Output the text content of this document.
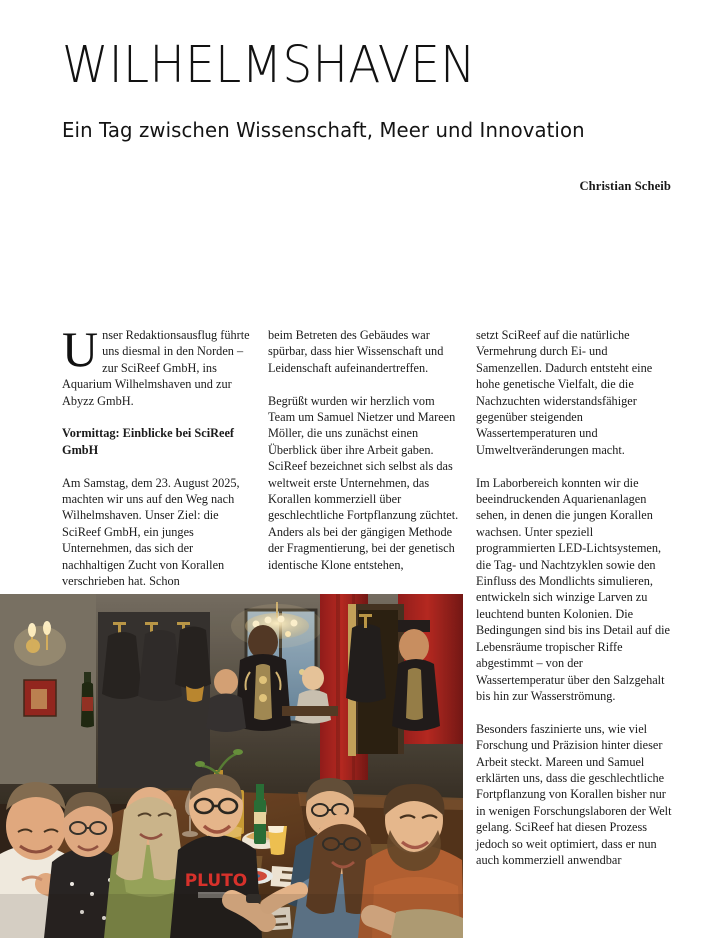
WILHELMSHAVEN
Ein Tag zwischen Wissenschaft, Meer und Innovation
Christian Scheib

Unser Redaktionsausflug führte uns diesmal in den Norden – zur SciReef GmbH, ins Aquarium Wilhelmshaven und zur Abyzz GmbH.

Vormittag: Einblicke bei SciReef GmbH

Am Samstag, dem 23. August 2025, machten wir uns auf den Weg nach Wilhelmshaven. Unser Ziel: die SciReef GmbH, ein junges Unternehmen, das sich der nachhaltigen Zucht von Korallen verschrieben hat. Schon

beim Betreten des Gebäudes war spürbar, dass hier Wissenschaft und Leidenschaft aufeinandertreffen.

Begrüßt wurden wir herzlich vom Team um Samuel Nietzer und Mareen Möller, die uns zunächst einen Überblick über ihre Arbeit gaben. SciReef bezeichnet sich selbst als das weltweit erste Unternehmen, das Korallen kommerziell über geschlechtliche Fortpflanzung züchtet. Anders als bei der gängigen Methode der Fragmentierung, bei der genetisch identische Klone entstehen,

setzt SciReef auf die natürliche Vermehrung durch Ei- und Samenzellen. Dadurch entsteht eine hohe genetische Vielfalt, die die Nachzuchten widerstandsfähiger gegenüber steigenden Wassertemperaturen und Umweltveränderungen macht.

Im Laborbereich konnten wir die beeindruckenden Aquarienanlagen sehen, in denen die jungen Korallen wachsen. Unter speziell programmierten LED-Lichtsystemen, die Tag- und Nachtzyklen sowie den Einfluss des Mondlichts simulieren, entwickeln sich winzige Larven zu leuchtend bunten Kolonien. Die Bedingungen sind bis ins Detail auf die Lebensräume tropischer Riffe abgestimmt – von der Wassertemperatur über den Salzgehalt bis hin zur Wasserströmung.

Besonders faszinierte uns, wie viel Forschung und Präzision hinter dieser Arbeit steckt. Mareen und Samuel erklärten uns, dass die geschlechtliche Fortpflanzung von Korallen bisher nur in wenigen Forschungslaboren der Welt gelang. SciReef hat diesen Prozess jedoch so weit optimiert, dass er nun auch kommerziell anwendbar

PLUTO
